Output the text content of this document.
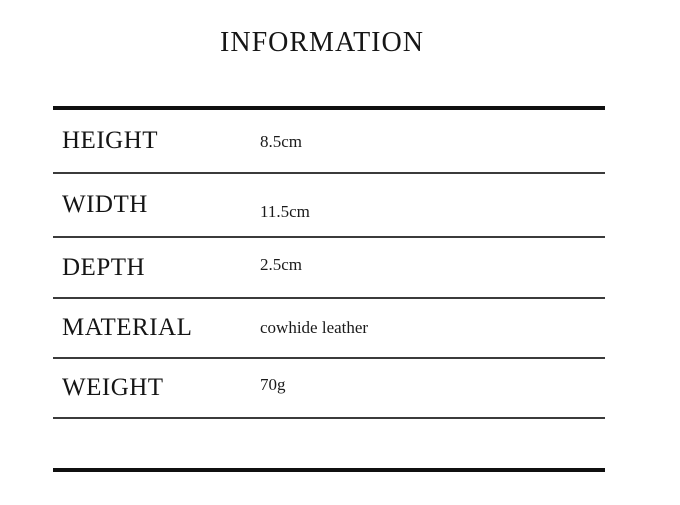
INFORMATION
HEIGHT	8.5cm
WIDTH	11.5cm
DEPTH	2.5cm
MATERIAL	cowhide leather
WEIGHT	70g
